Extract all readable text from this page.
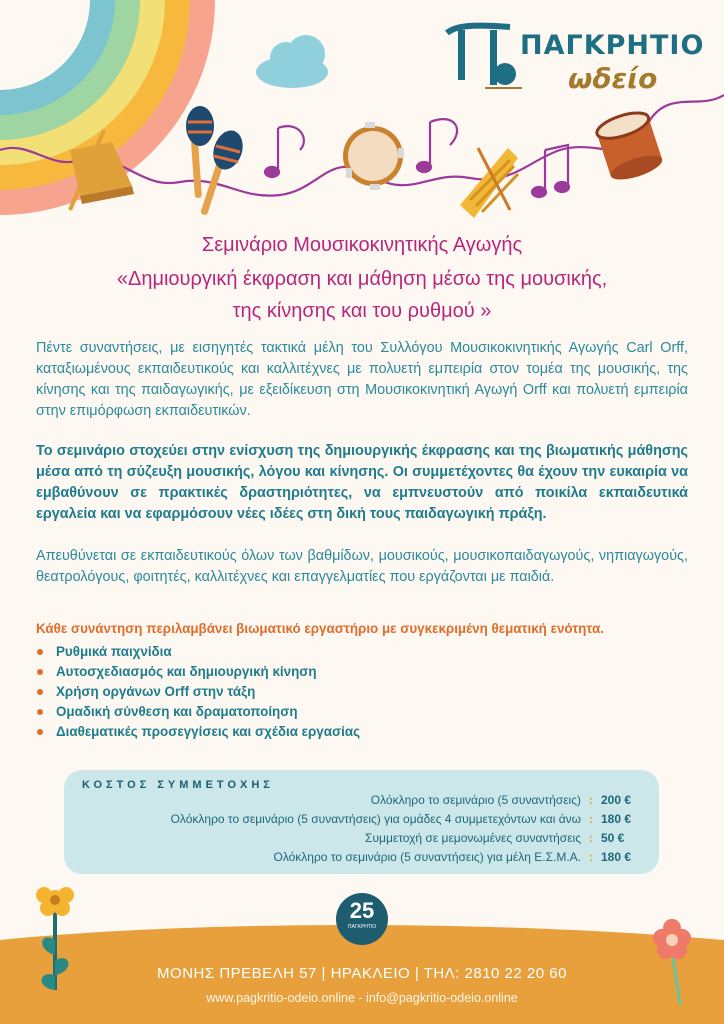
ΠΑΓΚΡΗΤΙΟ
ωδείο
Σεμινάριο Μουσικοκινητικής Αγωγής
«Δημιουργική έκφραση και μάθηση μέσω της μουσικής,
της κίνησης και του ρυθμού »
Πέντε συναντήσεις, με εισηγητές τακτικά μέλη του Συλλόγου Μουσικοκινητικής Αγωγής Carl Orff, καταξιωμένους εκπαιδευτικούς και καλλιτέχνες με πολυετή εμπειρία στον τομέα της μουσικής, της κίνησης και της παιδαγωγικής, με εξειδίκευση στη Μουσικοκινητική Αγωγή Orff και πολυετή εμπειρία στην επιμόρφωση εκπαιδευτικών.
Το σεμινάριο στοχεύει στην ενίσχυση της δημιουργικής έκφρασης και της βιωματικής μάθησης μέσα από τη σύζευξη μουσικής, λόγου και κίνησης. Οι συμμετέχοντες θα έχουν την ευκαιρία να εμβαθύνουν σε πρακτικές δραστηριότητες, να εμπνευστούν από ποικίλα εκπαιδευτικά εργαλεία και να εφαρμόσουν νέες ιδέες στη δική τους παιδαγωγική πράξη.
Απευθύνεται σε εκπαιδευτικούς όλων των βαθμίδων, μουσικούς, μουσικοπαιδαγωγούς, νηπιαγωγούς, θεατρολόγους, φοιτητές, καλλιτέχνες και επαγγελματίες που εργάζονται με παιδιά.
Κάθε συνάντηση περιλαμβάνει βιωματικό εργαστήριο με συγκεκριμένη θεματική ενότητα.
Ρυθμικά παιχνίδια
Αυτοσχεδιασμός και δημιουργική κίνηση
Χρήση οργάνων Orff στην τάξη
Ομαδική σύνθεση και δραματοποίηση
Διαθεματικές προσεγγίσεις και σχέδια εργασίας
ΚΟΣΤΟΣ ΣΥΜΜΕΤΟΧΗΣ
Ολόκληρο το σεμινάριο (5 συναντήσεις) : 200 €
Ολόκληρο το σεμινάριο (5 συναντήσεις) για ομάδες 4 συμμετεχόντων και άνω : 180 €
Συμμετοχή σε μεμονωμένες συναντήσεις : 50 €
Ολόκληρο το σεμινάριο (5 συναντήσεις) για μέλη Ε.Σ.Μ.Α. : 180 €
25
ΠΑΓΚΡΗΤΙΟ
ΜΟΝΗΣ ΠΡΕΒΕΛΗ 57 | ΗΡΑΚΛΕΙΟ | ΤΗΛ: 2810 22 20 60
www.pagkritio-odeio.online - info@pagkritio-odeio.online
